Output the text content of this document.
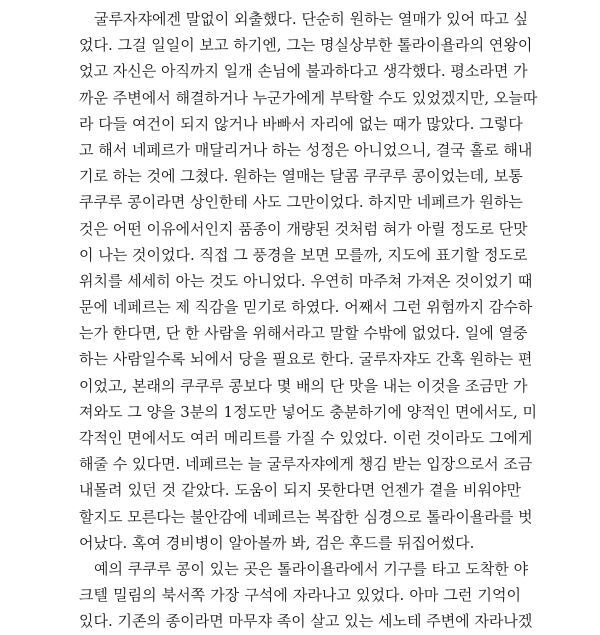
굴루자쟈에겐 말없이 외출했다. 단순히 원하는 열매가 있어 따고 싶
었다. 그걸 일일이 보고 하기엔, 그는 명실상부한 톨라이욜라의 연왕이
었고 자신은 아직까지 일개 손님에 불과하다고 생각했다. 평소라면 가
까운 주변에서 해결하거나 누군가에게 부탁할 수도 있었겠지만, 오늘따
라 다들 여건이 되지 않거나 바빠서 자리에 없는 때가 많았다. 그렇다
고 해서 네페르가 매달리거나 하는 성정은 아니었으니, 결국 홀로 해내
기로 하는 것에 그쳤다. 원하는 열매는 달콤 쿠쿠루 콩이었는데, 보통
쿠쿠루 콩이라면 상인한테 사도 그만이었다. 하지만 네페르가 원하는
것은 어떤 이유에서인지 품종이 개량된 것처럼 혀가 아릴 정도로 단맛
이 나는 것이었다. 직접 그 풍경을 보면 모를까, 지도에 표기할 정도로
위치를 세세히 아는 것도 아니었다. 우연히 마주쳐 가져온 것이었기 때
문에 네페르는 제 직감을 믿기로 하였다. 어째서 그런 위험까지 감수하
는가 한다면, 단 한 사람을 위해서라고 말할 수밖에 없었다. 일에 열중
하는 사람일수록 뇌에서 당을 필요로 한다. 굴루자쟈도 간혹 원하는 편
이었고, 본래의 쿠쿠루 콩보다 몇 배의 단 맛을 내는 이것을 조금만 가
져와도 그 양을 3분의 1정도만 넣어도 충분하기에 양적인 면에서도, 미
각적인 면에서도 여러 메리트를 가질 수 있었다. 이런 것이라도 그에게
해줄 수 있다면. 네페르는 늘 굴루자쟈에게 챙김 받는 입장으로서 조금
내몰려 있던 것 같았다. 도움이 되지 못한다면 언젠가 곁을 비워야만
할지도 모른다는 불안감에 네페르는 복잡한 심경으로 톨라이욜라를 벗
어났다. 혹여 경비병이 알아볼까 봐, 검은 후드를 뒤집어썼다.

예의 쿠쿠루 콩이 있는 곳은 톨라이욜라에서 기구를 타고 도착한 야
크텔 밀림의 북서쪽 가장 구석에 자라나고 있었다. 아마 그런 기억이
있다. 기존의 종이라면 마무쟈 족이 살고 있는 세노테 주변에 자라나겠
